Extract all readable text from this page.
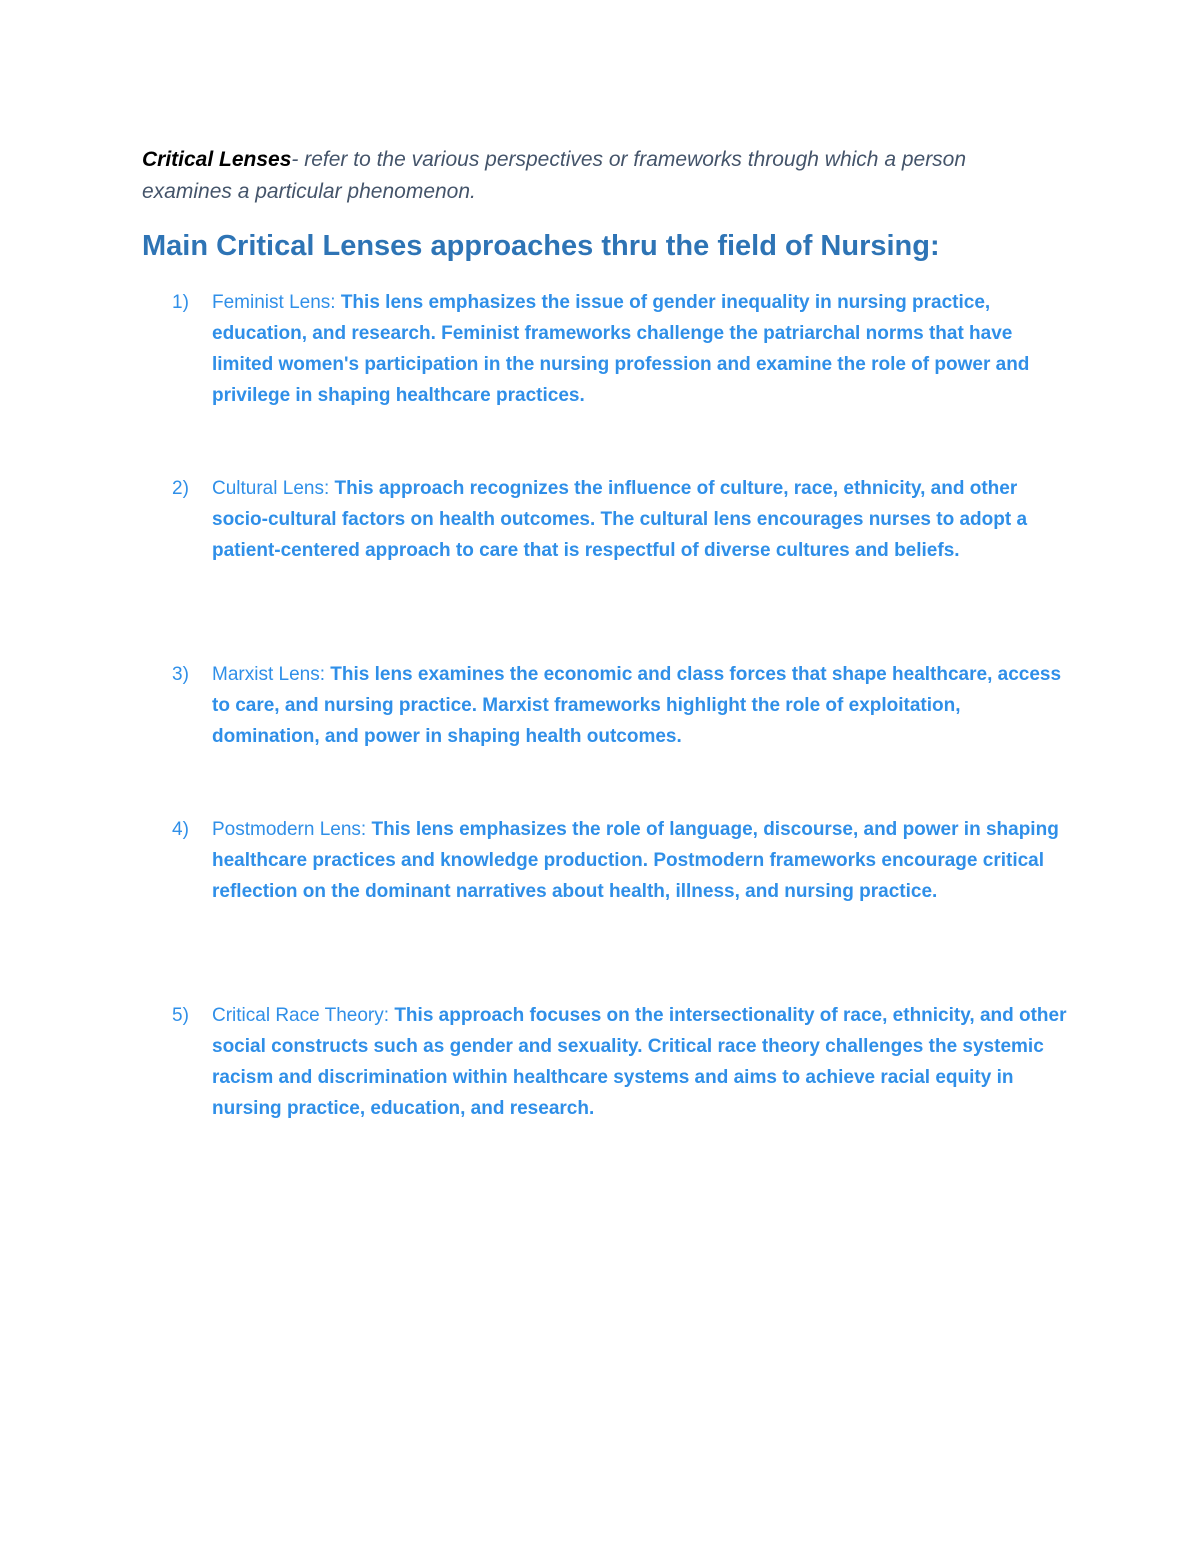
Critical Lenses- refer to the various perspectives or frameworks through which a person examines a particular phenomenon.

Main Critical Lenses approaches thru the field of Nursing:
1)	Feminist Lens: This lens emphasizes the issue of gender inequality in nursing practice, education, and research. Feminist frameworks challenge the patriarchal norms that have limited women's participation in the nursing profession and examine the role of power and privilege in shaping healthcare practices.
2)	Cultural Lens: This approach recognizes the influence of culture, race, ethnicity, and other socio-cultural factors on health outcomes. The cultural lens encourages nurses to adopt a patient-centered approach to care that is respectful of diverse cultures and beliefs.
3)	Marxist Lens: This lens examines the economic and class forces that shape healthcare, access to care, and nursing practice. Marxist frameworks highlight the role of exploitation, domination, and power in shaping health outcomes.
4)	Postmodern Lens: This lens emphasizes the role of language, discourse, and power in shaping healthcare practices and knowledge production. Postmodern frameworks encourage critical reflection on the dominant narratives about health, illness, and nursing practice.
5)	Critical Race Theory: This approach focuses on the intersectionality of race, ethnicity, and other social constructs such as gender and sexuality. Critical race theory challenges the systemic racism and discrimination within healthcare systems and aims to achieve racial equity in nursing practice, education, and research.
